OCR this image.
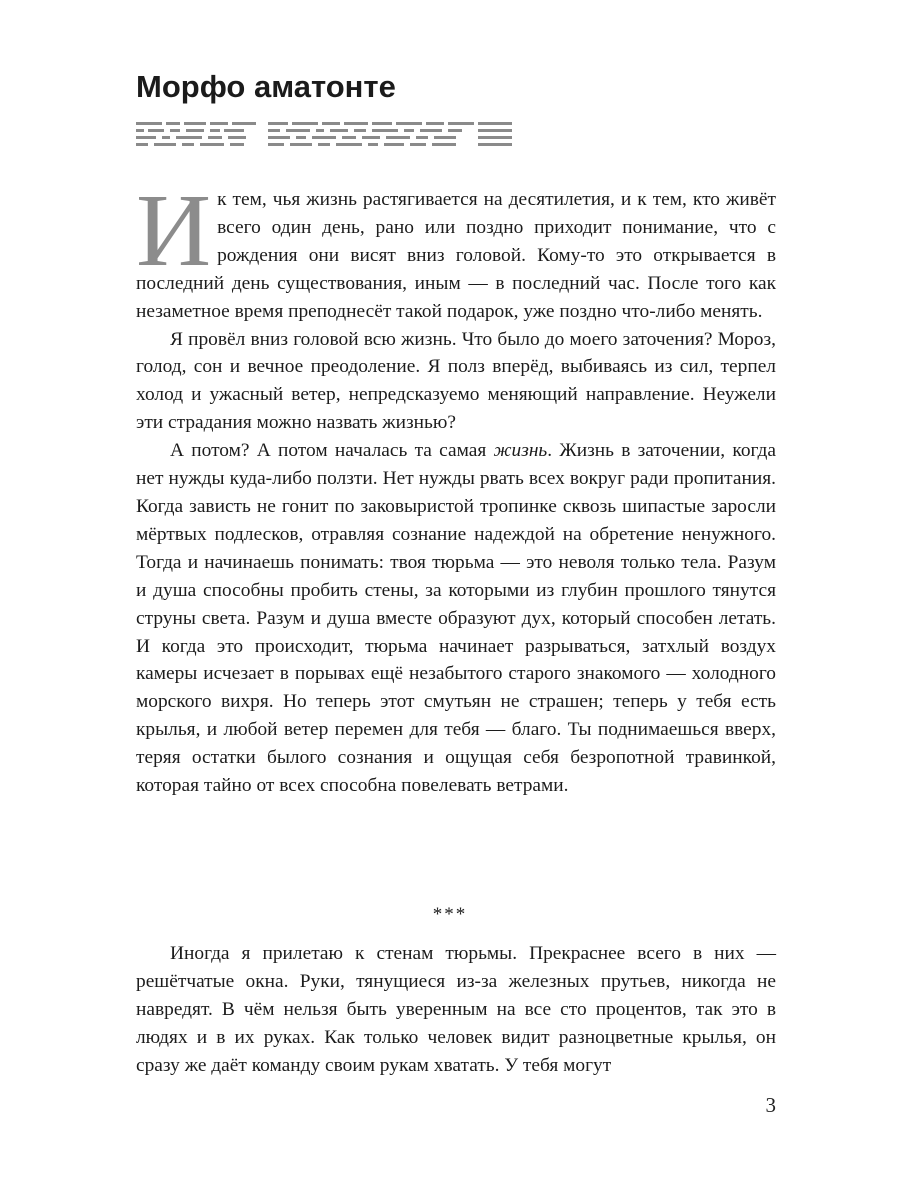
Морфо аматонте

Ик тем, чья жизнь растягивается на десятилетия, и к тем, кто живёт всего один день, рано или поздно приходит понимание, что с рождения они висят вниз головой. Кому-то это открывается в последний день существования, иным — в последний час. После того как незаметное время преподнесёт такой подарок, уже поздно что-либо менять.

Я провёл вниз головой всю жизнь. Что было до моего заточения? Мороз, голод, сон и вечное преодоление. Я полз вперёд, выбиваясь из сил, терпел холод и ужасный ветер, непредсказуемо меняющий направление. Неужели эти страдания можно назвать жизнью?

А потом? А потом началась та самая жизнь. Жизнь в заточении, когда нет нужды куда-либо ползти. Нет нужды рвать всех вокруг ради пропитания. Когда зависть не гонит по заковыристой тропинке сквозь шипастые заросли мёртвых подлесков, отравляя сознание надеждой на обретение ненужного. Тогда и начинаешь понимать: твоя тюрьма — это неволя только тела. Разум и душа способны пробить стены, за которыми из глубин прошлого тянутся струны света. Разум и душа вместе образуют дух, который способен летать. И когда это происходит, тюрьма начинает разрываться, затхлый воздух камеры исчезает в порывах ещё незабытого старого знакомого — холодного морского вихря. Но теперь этот смутьян не страшен; теперь у тебя есть крылья, и любой ветер перемен для тебя — благо. Ты поднимаешься вверх, теряя остатки былого сознания и ощущая себя безропотной травинкой, которая тайно от всех способна повелевать ветрами.

***

Иногда я прилетаю к стенам тюрьмы. Прекраснее всего в них — решётчатые окна. Руки, тянущиеся из-за железных прутьев, никогда не навредят. В чём нельзя быть уверенным на все сто процентов, так это в людях и в их руках. Как только человек видит разноцветные крылья, он сразу же даёт команду своим рукам хватать. У тебя могут

3
